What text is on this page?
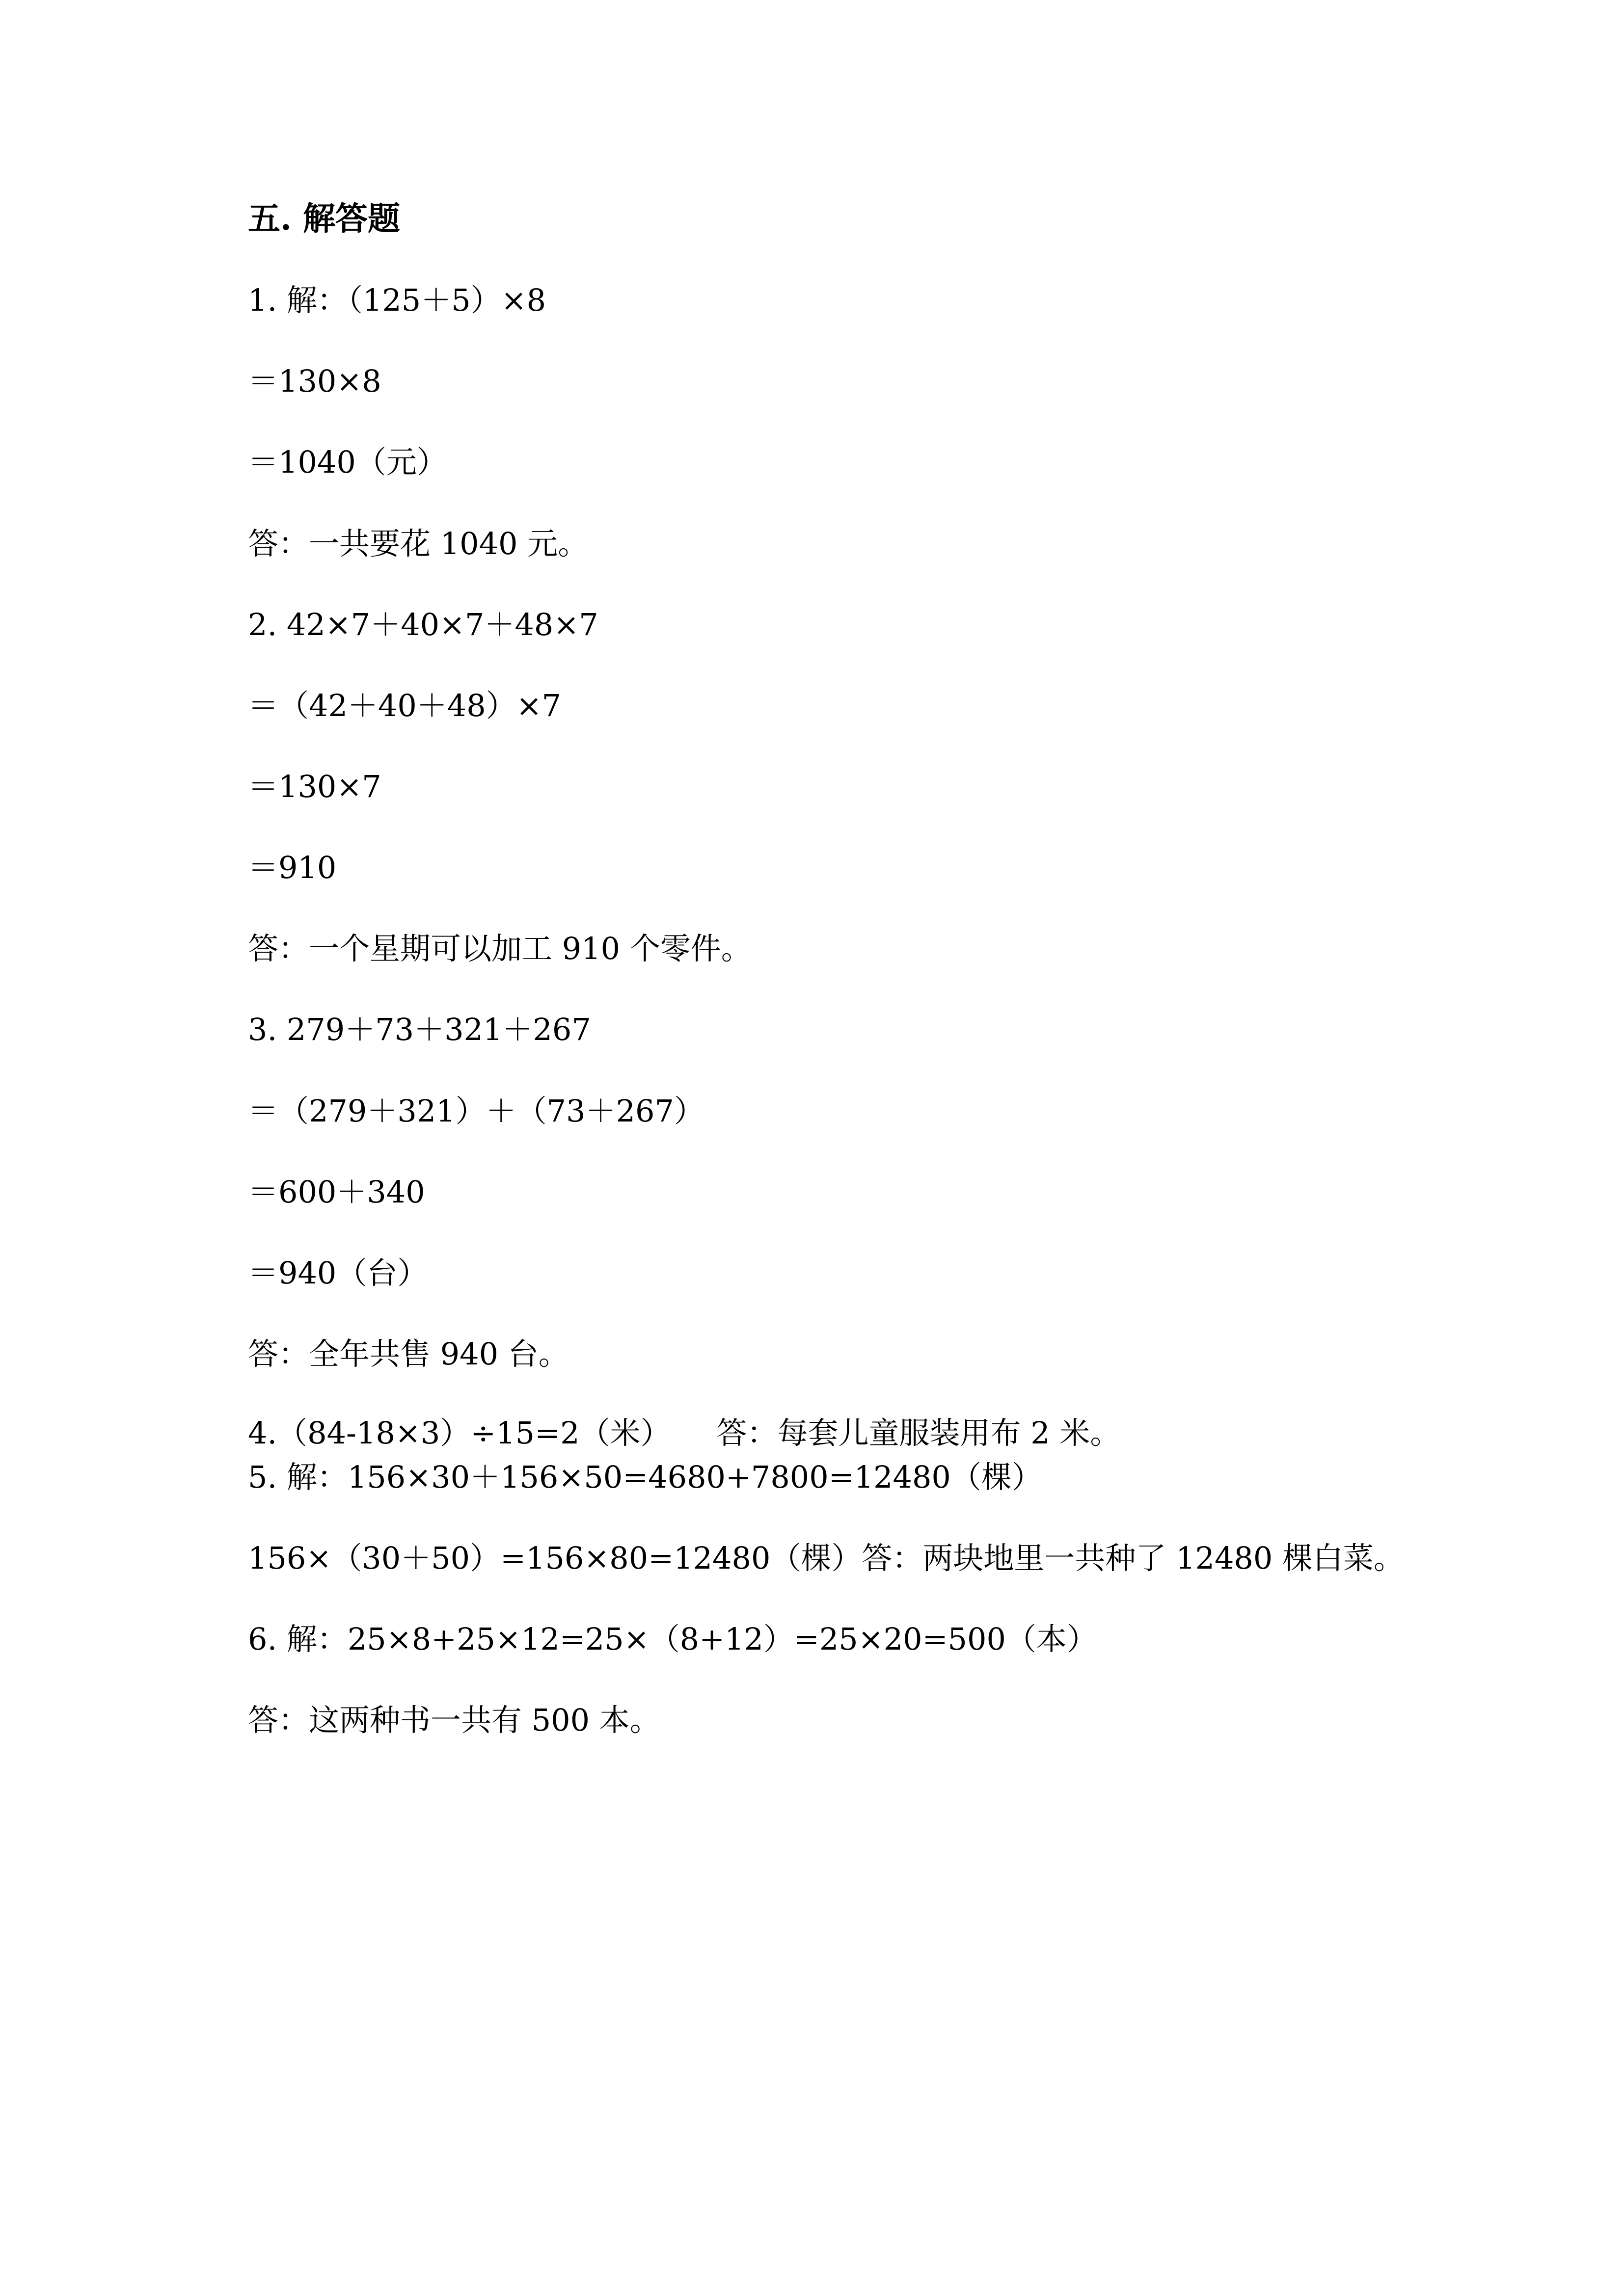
五. 解答题
1. 解：（125＋5）×8
＝130×8
＝1040（元）
答：一共要花 1040 元。
2. 42×7＋40×7＋48×7
＝（42＋40＋48）×7
＝130×7
＝910
答：一个星期可以加工 910 个零件。
3. 279＋73＋321＋267
＝（279＋321）＋（73＋267）
＝600＋340
＝940（台）
答：全年共售 940 台。
4.（84-18×3）÷15=2（米）　　答：每套儿童服装用布 2 米。
5. 解：156×30＋156×50=4680+7800=12480（棵）
156×（30＋50）=156×80=12480（棵）答：两块地里一共种了 12480 棵白菜。
6. 解：25×8+25×12=25×（8+12）=25×20=500（本）
答：这两种书一共有 500 本。
